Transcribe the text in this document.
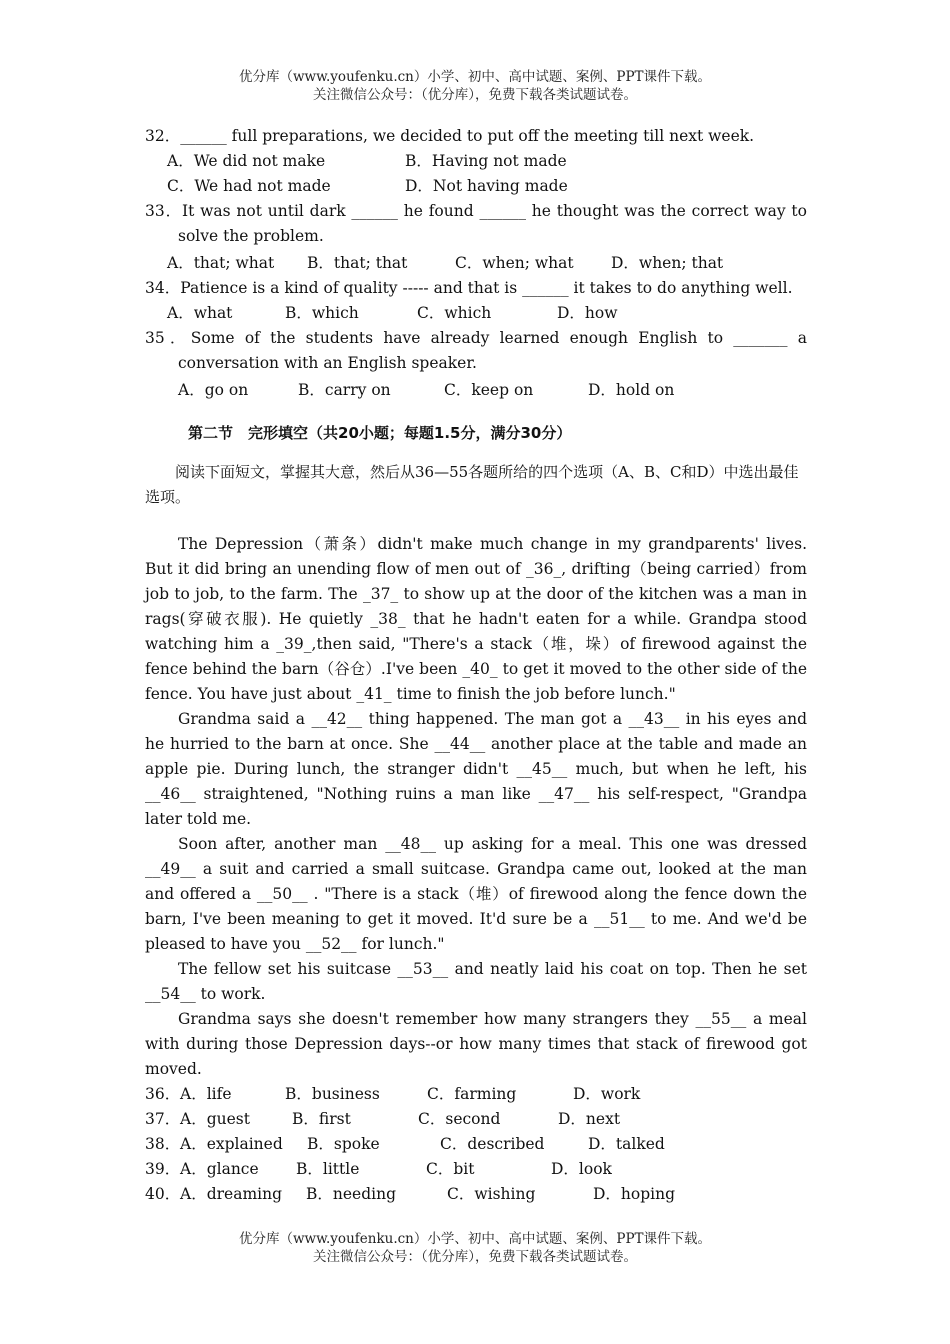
优分库（www.youfenku.cn）小学、初中、高中试题、案例、PPT课件下载。
关注微信公众号：（优分库），免费下载各类试题试卷。

32．______ full preparations, we decided to put off the meeting till next week.

A．We did not make	B．Having not made
C．We had not made	D．Not having made

33．It was not until dark ______ he found ______ he thought was the correct way to

solve the problem.

A．that; what	B．that; that	C．when; what	D．when; that

34．Patience is a kind of quality ----- and that is ______ it takes to do anything well.

A．what	B．which	C．which	D．how

35．Some of the students have already learned enough English to _______ a

conversation with an English speaker.

A．go on	B．carry on	C．keep on	D．hold on
第二节　完形填空（共20小题；每题1.5分，满分30分）
阅读下面短文，掌握其大意，然后从36—55各题所给的四个选项（A、B、C和D）中选出最佳选项。

The Depression（萧条）didn't make much change in my grandparents' lives. But it did bring an unending flow of men out of _36_, drifting（being carried）from job to job, to the farm. The _37_ to show up at the door of the kitchen was a man in rags(穿破衣服). He quietly _38_ that he hadn't eaten for a while. Grandpa stood watching him a _39_,then said, "There's a stack（堆，垛）of firewood against the fence behind the barn（谷仓）.I've been _40_ to get it moved to the other side of the fence. You have just about _41_ time to finish the job before lunch."

Grandma said a __42__ thing happened. The man got a __43__ in his eyes and he hurried to the barn at once. She __44__ another place at the table and made an apple pie. During lunch, the stranger didn't __45__ much, but when he left, his __46__ straightened, "Nothing ruins a man like __47__ his self-respect, "Grandpa later told me.

Soon after, another man __48__ up asking for a meal. This one was dressed __49__ a suit and carried a small suitcase. Grandpa came out, looked at the man and offered a __50__ . "There is a stack（堆）of firewood along the fence down the barn, I've been meaning to get it moved. It'd sure be a __51__ to me. And we'd be pleased to have you __52__ for lunch."

The fellow set his suitcase __53__ and neatly laid his coat on top. Then he set __54__ to work.

Grandma says she doesn't remember how many strangers they __55__ a meal with during those Depression days--or how many times that stack of firewood got moved.

36． A．life	B．business	C．farming	D．work
37． A．guest	B．first	C．second	D．next
38． A．explained	B．spoke	C．described	D．talked
39． A．glance	B．little	C．bit	D．look
40． A．dreaming	B．needing	C．wishing	D．hoping
优分库（www.youfenku.cn）小学、初中、高中试题、案例、PPT课件下载。
关注微信公众号：（优分库），免费下载各类试题试卷。
